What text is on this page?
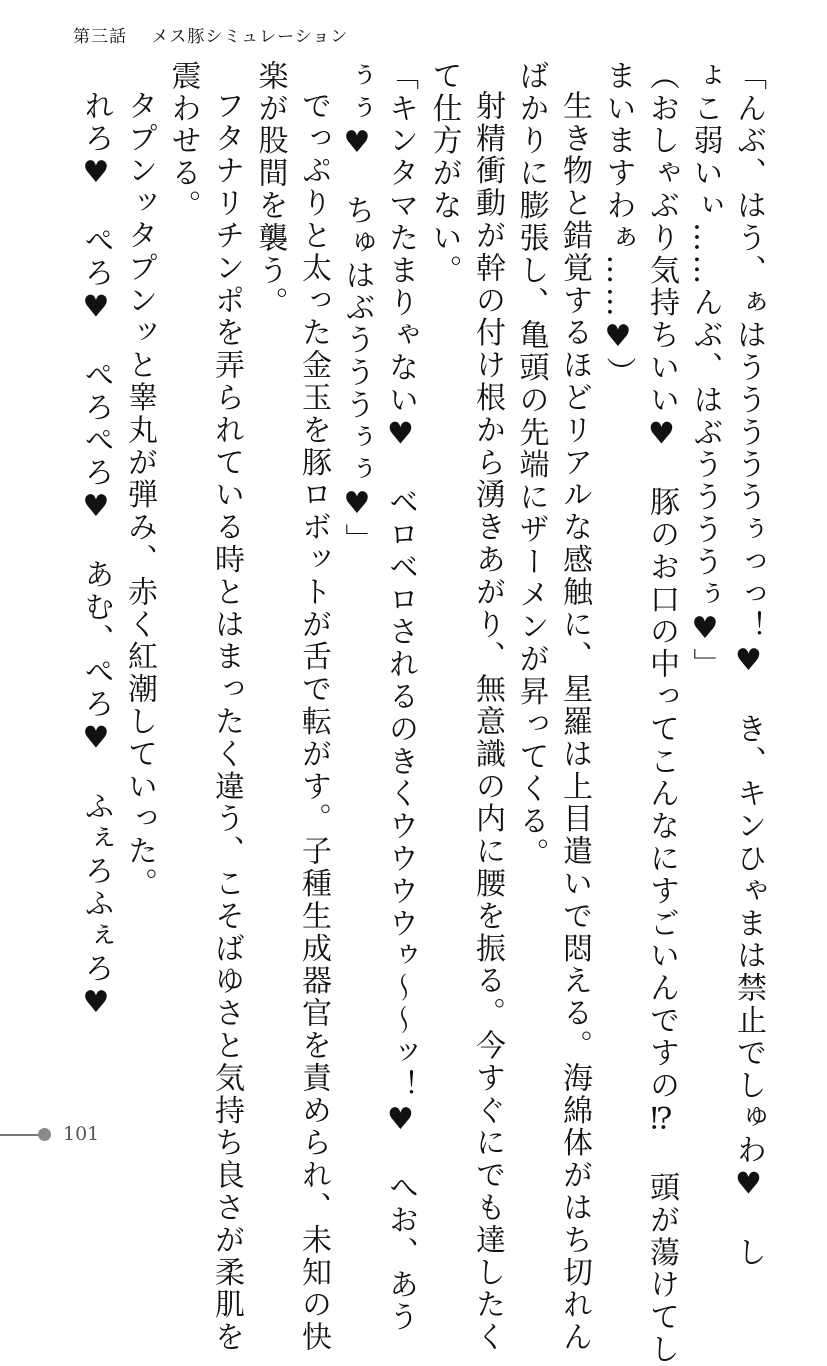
第三話 メス豚シミュレーション
「んぶ、はう、ぁはうううううぅっっ！♥　き、キンひゃまは禁止でしゅわ♥　し
ょこ弱いぃ……んぶ、はぶううううぅ♥」
（おしゃぶり気持ちいい♥　豚のお口の中ってこんなにすごいんですの⁉　頭が蕩けてし
まいますわぁ……♥）
生き物と錯覚するほどリアルな感触に、星羅は上目遣いで悶える。海綿体がはち切れん
ばかりに膨張し、亀頭の先端にザーメンが昇ってくる。
射精衝動が幹の付け根から湧きあがり、無意識の内に腰を振る。今すぐにでも達したく
て仕方がない。
「キンタマたまりゃない♥　ベロベロされるのきくウウウウゥ～～ッ！♥　へお、あう
ぅぅ♥　ちゅはぶうううぅぅ♥」
でっぷりと太った金玉を豚ロボットが舌で転がす。子種生成器官を責められ、未知の快
楽が股間を襲う。
フタナリチンポを弄られている時とはまったく違う、こそばゆさと気持ち良さが柔肌を
震わせる。
タプンッタプンッと睾丸が弾み、赤く紅潮していった。
れろ♥　ぺろ♥　ぺろぺろ♥　あむ、ぺろ♥　ふぇろふぇろ♥
101
